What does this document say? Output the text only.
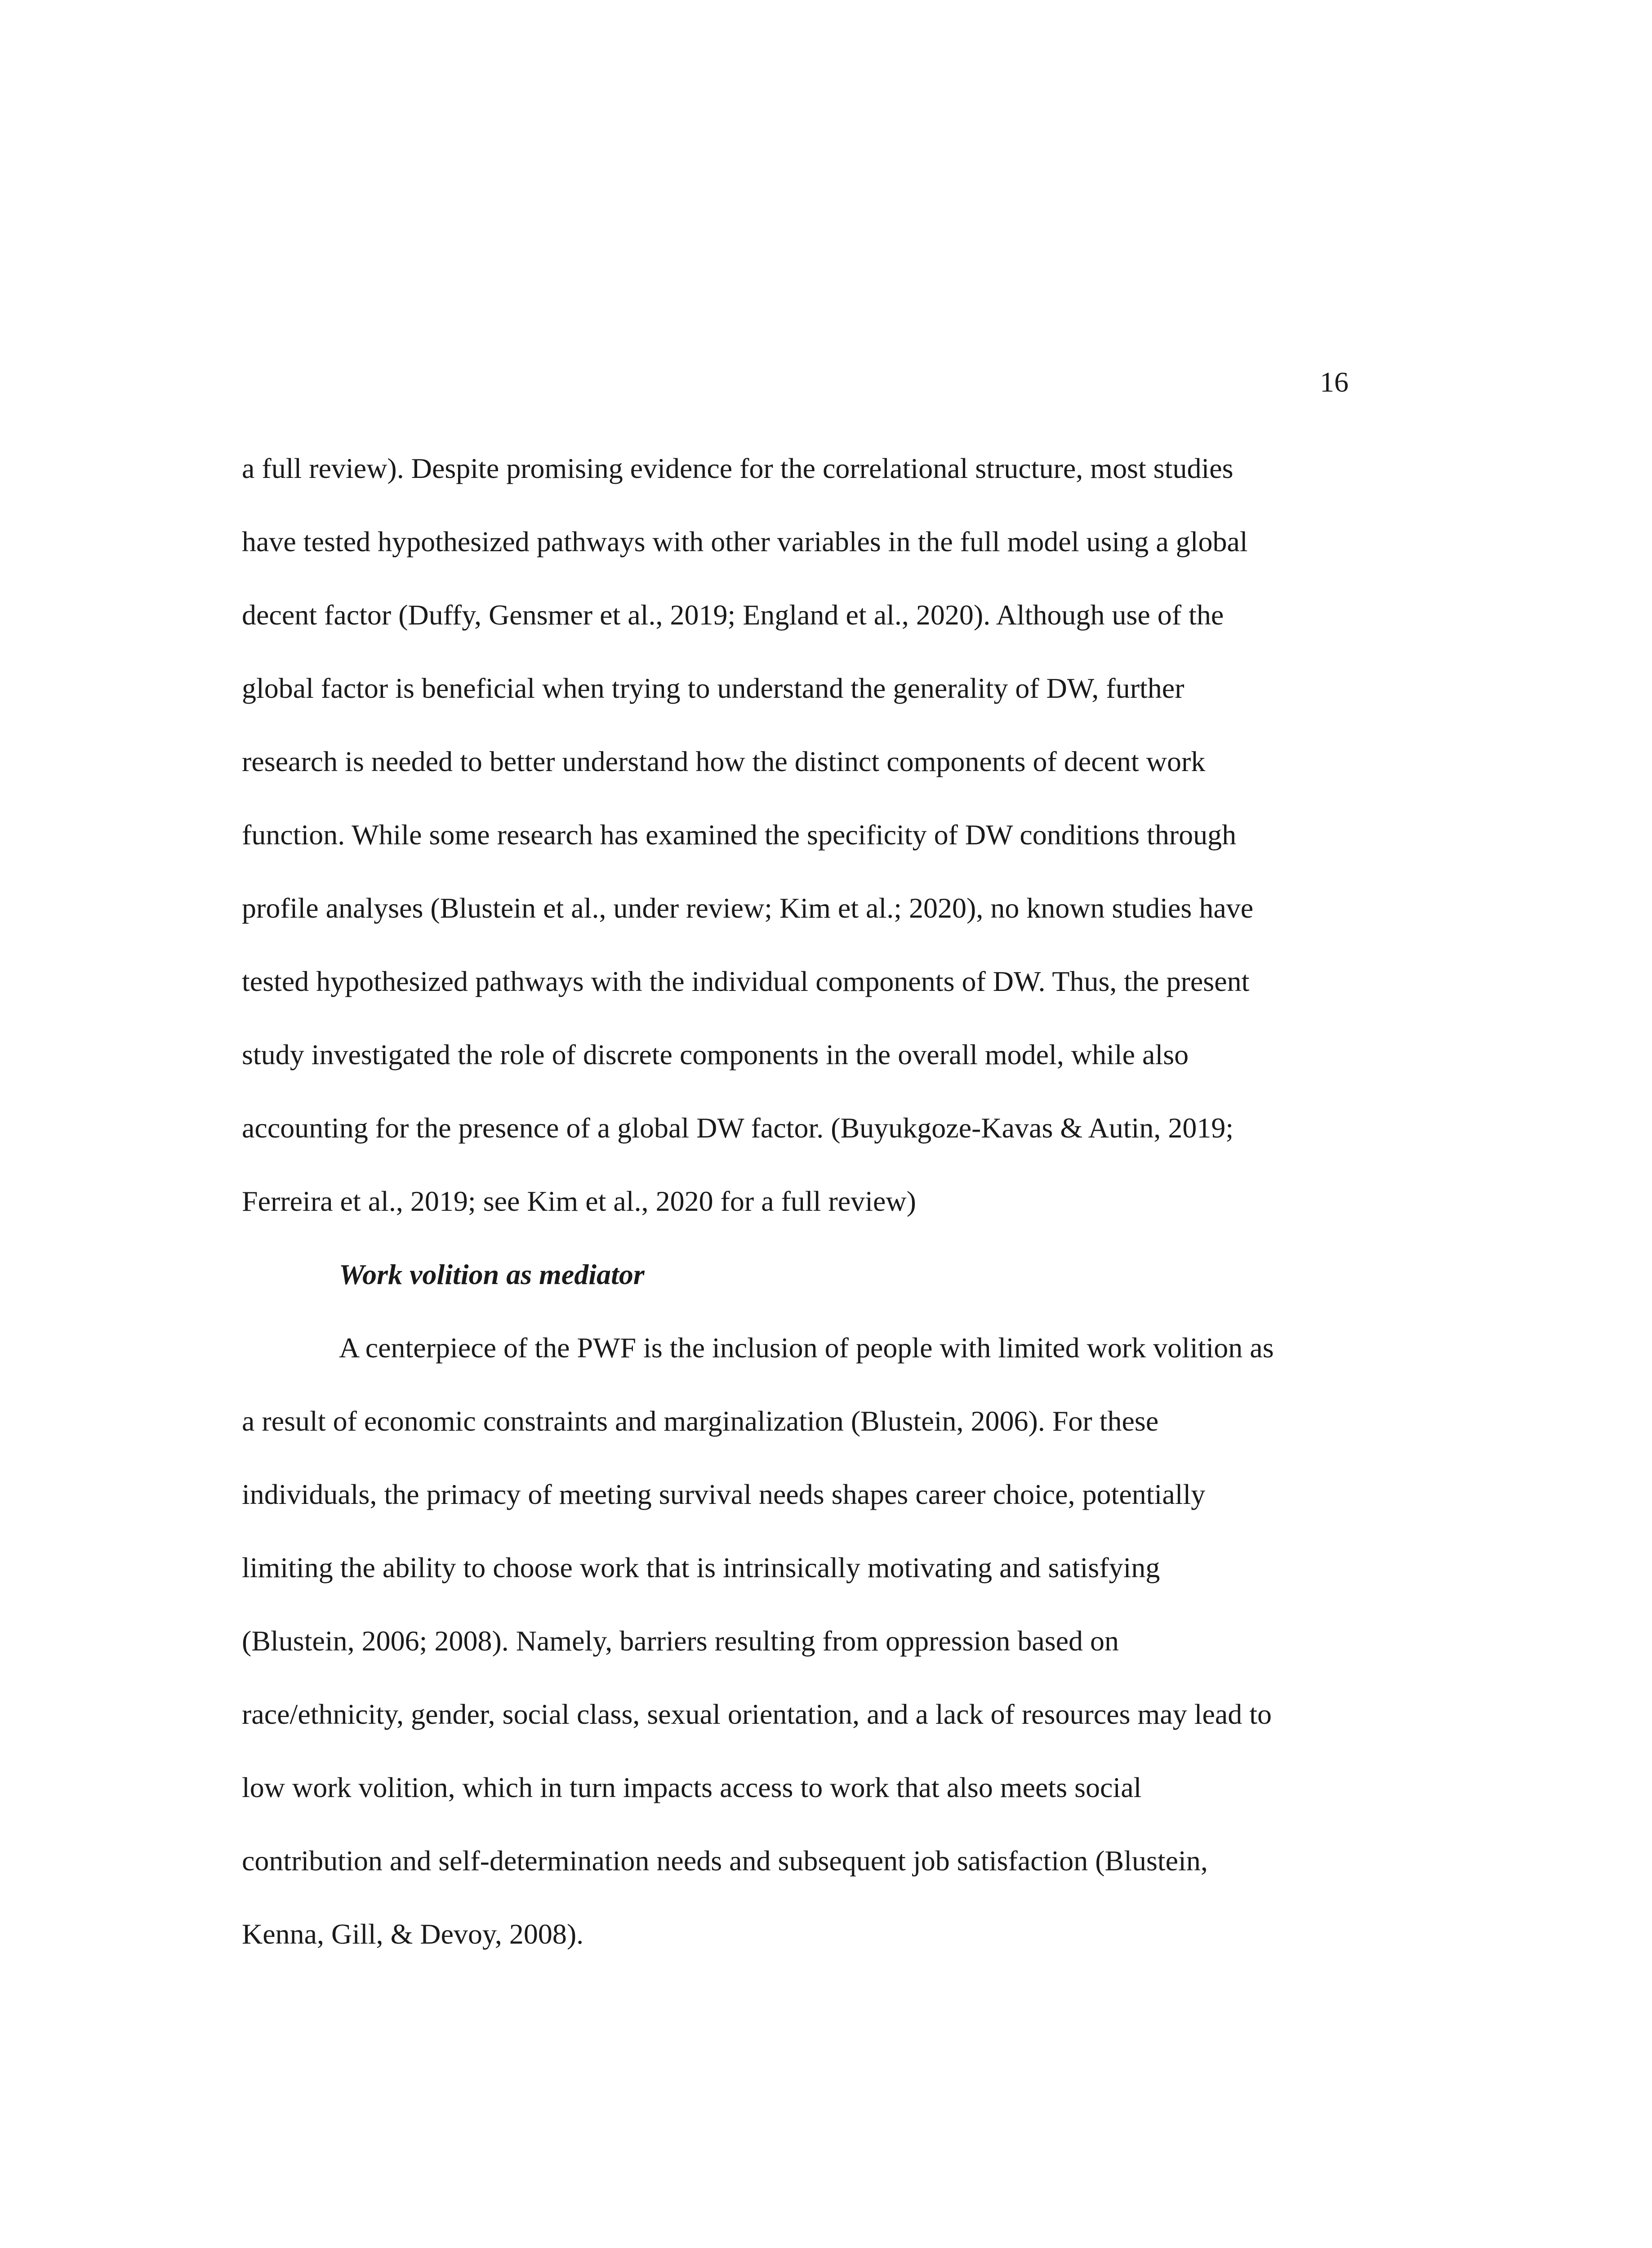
16
a full review). Despite promising evidence for the correlational structure, most studies
have tested hypothesized pathways with other variables in the full model using a global
decent factor (Duffy, Gensmer et al., 2019; England et al., 2020). Although use of the
global factor is beneficial when trying to understand the generality of DW, further
research is needed to better understand how the distinct components of decent work
function. While some research has examined the specificity of DW conditions through
profile analyses (Blustein et al., under review; Kim et al.; 2020), no known studies have
tested hypothesized pathways with the individual components of DW. Thus, the present
study investigated the role of discrete components in the overall model, while also
accounting for the presence of a global DW factor. (Buyukgoze-Kavas & Autin, 2019;
Ferreira et al., 2019; see Kim et al., 2020 for a full review)
Work volition as mediator
A centerpiece of the PWF is the inclusion of people with limited work volition as
a result of economic constraints and marginalization (Blustein, 2006). For these
individuals, the primacy of meeting survival needs shapes career choice, potentially
limiting the ability to choose work that is intrinsically motivating and satisfying
(Blustein, 2006; 2008). Namely, barriers resulting from oppression based on
race/ethnicity, gender, social class, sexual orientation, and a lack of resources may lead to
low work volition, which in turn impacts access to work that also meets social
contribution and self-determination needs and subsequent job satisfaction (Blustein,
Kenna, Gill, & Devoy, 2008).
